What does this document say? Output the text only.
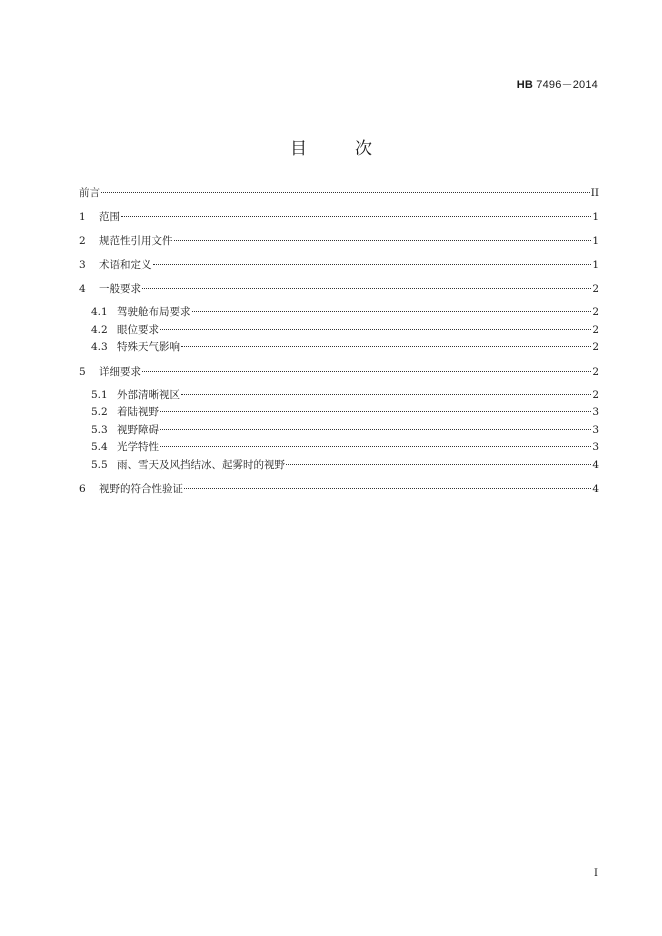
HB 7496－2014
目次
前言	II
1	范围	1
2	规范性引用文件	1
3	术语和定义	1
4	一般要求	2
4.1 驾驶舱布局要求	2
4.2 眼位要求	2
4.3 特殊天气影响	2
5	详细要求	2
5.1 外部清晰视区	2
5.2 着陆视野	3
5.3 视野障碍	3
5.4 光学特性	3
5.5 雨、雪天及风挡结冰、起雾时的视野	4
6	视野的符合性验证	4
I
